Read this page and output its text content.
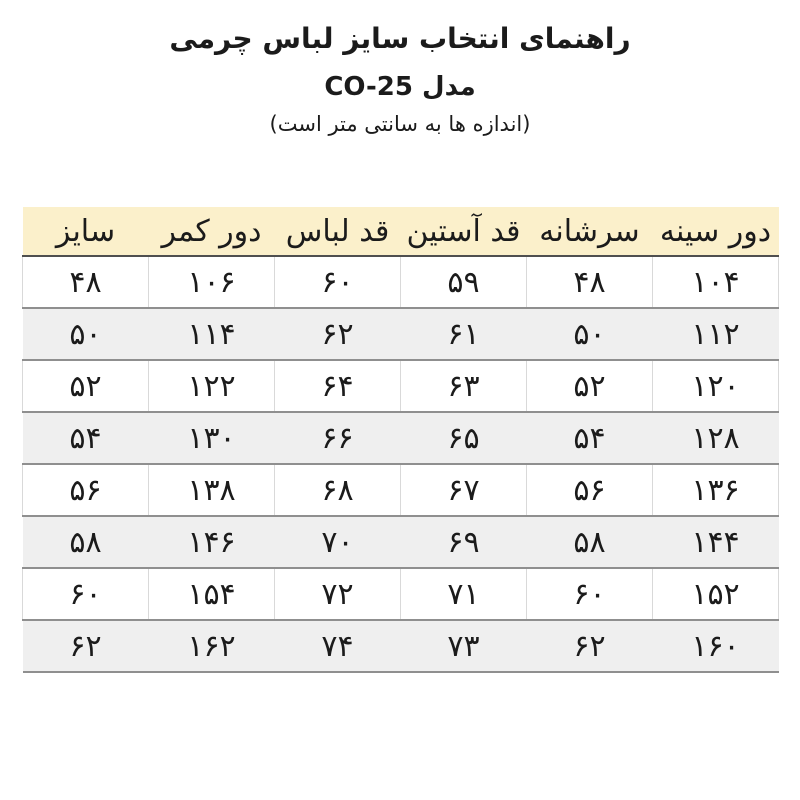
راهنمای انتخاب سایز لباس چرمی
مدل CO-25
(اندازه ها به سانتی متر است)
دور سینه	سرشانه	قد آستین	قد لباس	دور کمر	سایز
۱۰۴	۴۸	۵۹	۶۰	۱۰۶	۴۸
۱۱۲	۵۰	۶۱	۶۲	۱۱۴	۵۰
۱۲۰	۵۲	۶۳	۶۴	۱۲۲	۵۲
۱۲۸	۵۴	۶۵	۶۶	۱۳۰	۵۴
۱۳۶	۵۶	۶۷	۶۸	۱۳۸	۵۶
۱۴۴	۵۸	۶۹	۷۰	۱۴۶	۵۸
۱۵۲	۶۰	۷۱	۷۲	۱۵۴	۶۰
۱۶۰	۶۲	۷۳	۷۴	۱۶۲	۶۲
